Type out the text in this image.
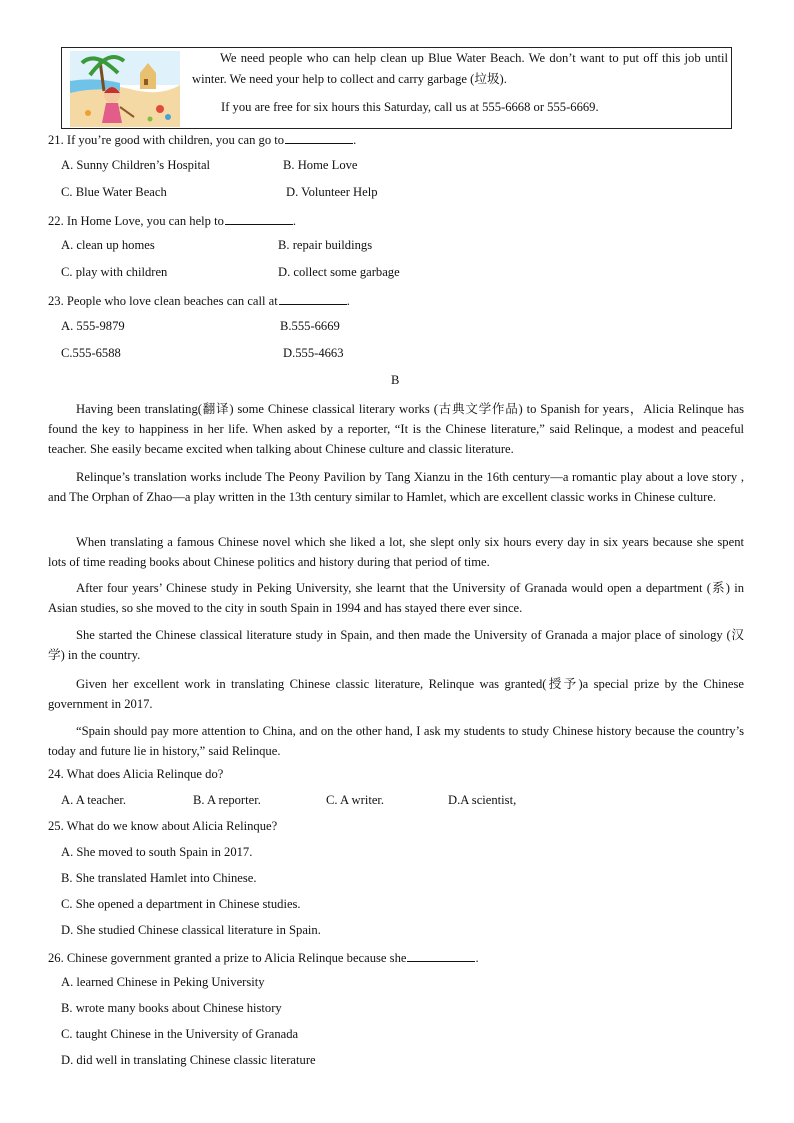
We need people who can help clean up Blue Water Beach. We don’t want to put off this job until winter. We need your help to collect and carry garbage (垃圾).
If you are free for six hours this Saturday, call us at 555-6668 or 555-6669.
21. If you’re good with children, you can go to	.
A. Sunny Children’s Hospital	B. Home Love
C. Blue Water Beach	D. Volunteer Help
22. In Home Love, you can help to	.
A. clean up homes	B. repair buildings
C. play with children	D. collect some garbage
23. People who love clean beaches can call at	.
A. 555-9879	B.555-6669
C.555-6588	D.555-4663
B
Having been translating(翻译) some Chinese classical literary works (古典文学作品) to Spanish for years，Alicia Relinque has found the key to happiness in her life. When asked by a reporter, “It is the Chinese literature,” said Relinque, a modest and peaceful teacher. She easily became excited when talking about Chinese culture and classic literature.
Relinque’s translation works include The Peony Pavilion by Tang Xianzu in the 16th century—a romantic play about a love story , and The Orphan of Zhao—a play written in the 13th century similar to Hamlet, which are excellent classic works in Chinese culture.
When translating a famous Chinese novel which she liked a lot, she slept only six hours every day in six years because she spent lots of time reading books about Chinese politics and history during that period of time.
After four years’ Chinese study in Peking University, she learnt that the University of Granada would open a department (系) in Asian studies, so she moved to the city in south Spain in 1994 and has stayed there ever since.
She started the Chinese classical literature study in Spain, and then made the University of Granada a major place of sinology (汉学) in the country.
Given her excellent work in translating Chinese classic literature, Relinque was granted(授予)a special prize by the Chinese government in 2017.
“Spain should pay more attention to China, and on the other hand, I ask my students to study Chinese history because the country’s today and future lie in history,” said Relinque.
24. What does Alicia Relinque do?
A. A teacher.	B. A reporter.	C. A writer.	D.A scientist,
25. What do we know about Alicia Relinque?
A. She moved to south Spain in 2017.
B. She translated Hamlet into Chinese.
C. She opened a department in Chinese studies.
D. She studied Chinese classical literature in Spain.
26. Chinese government granted a prize to Alicia Relinque because she	.
A. learned Chinese in Peking University
B. wrote many books about Chinese history
C. taught Chinese in the University of Granada
D. did well in translating Chinese classic literature
